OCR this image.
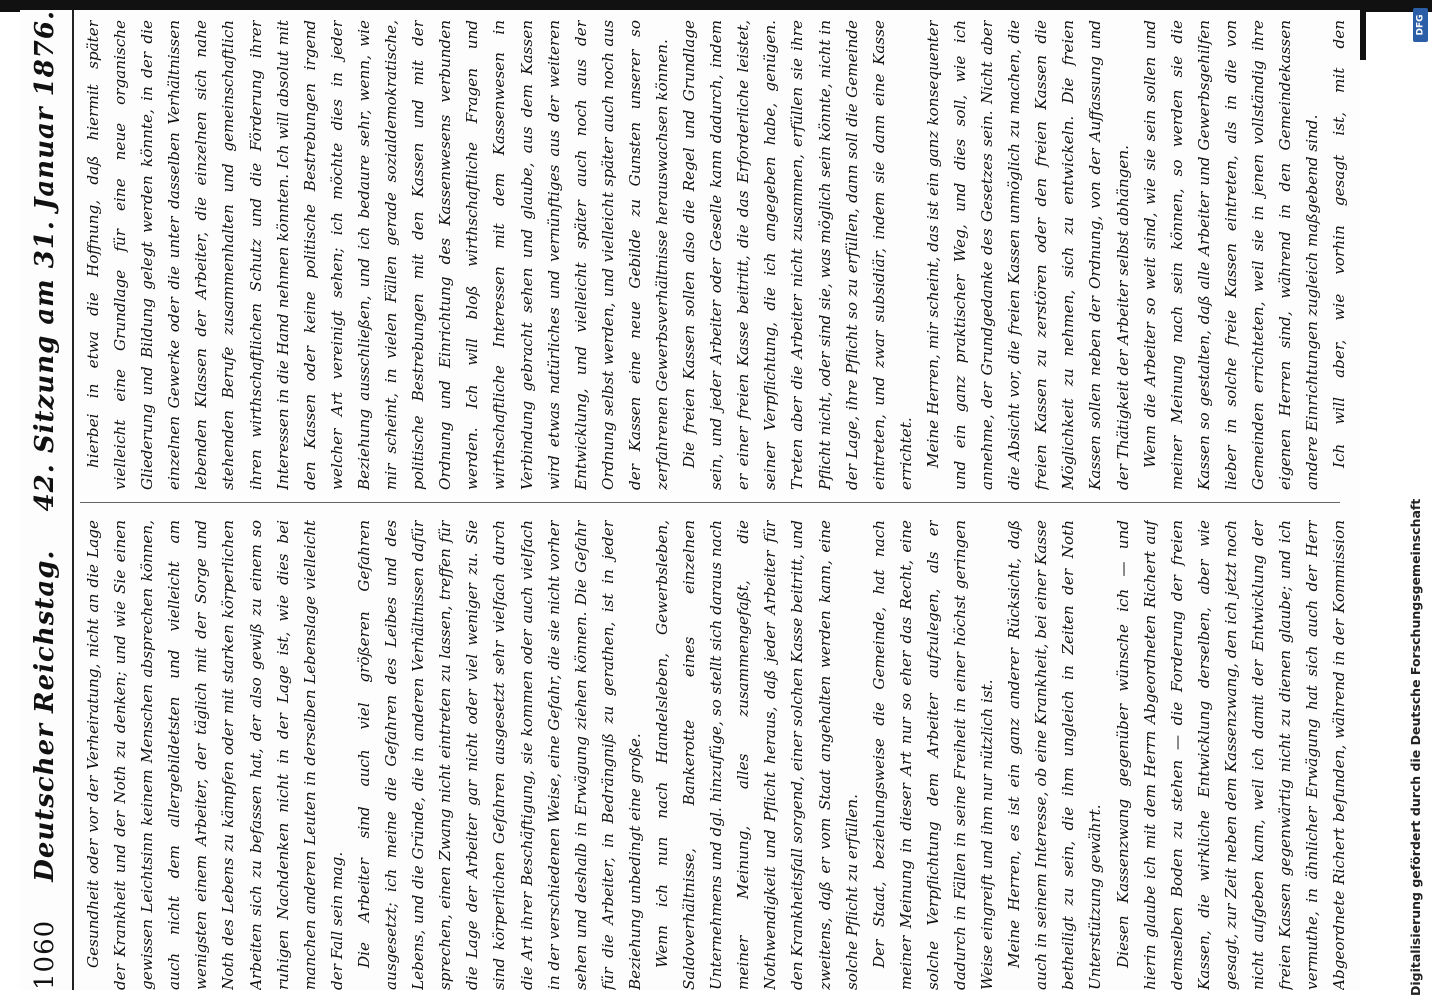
1060
Deutscher Reichstag.
42. Sitzung am 31. Januar 1876.

Gesundheit oder vor der Verheiratung, nicht an die Lage der Krankheit und der Noth zu denken; und wie Sie einen gewissen Leichtsinn keinem Menschen absprechen können, auch nicht dem allergebildetsten und vielleicht am wenigsten einem Arbeiter, der täglich mit der Sorge und Noth des Lebens zu kämpfen oder mit starken körperlichen Arbeiten sich zu befassen hat, der also gewiß zu einem so ruhigen Nachdenken nicht in der Lage ist, wie dies bei manchen anderen Leuten in derselben Lebenslage vielleicht der Fall sein mag. Die Arbeiter sind auch viel größeren Gefahren ausgesetzt; ich meine die Gefahren des Leibes und des Lebens, und die Gründe, die in anderen Verhältnissen dafür sprechen, einen Zwang nicht eintreten zu lassen, treffen für die Lage der Arbeiter gar nicht oder viel weniger zu. Sie sind körperlichen Gefahren ausgesetzt sehr vielfach durch die Art ihrer Beschäftigung, sie kommen oder auch vielfach in der verschiedenen Weise, eine Gefahr, die sie nicht vorher sehen und deshalb in Erwägung ziehen können. Die Gefahr für die Arbeiter, in Bedrängniß zu gerathen, ist in jeder Beziehung unbedingt eine große. Wenn ich nun nach Handelsleben, Gewerbsleben, Saldoverhältnisse, Bankerotte eines einzelnen Unternehmens und dgl. hinzufüge, so stellt sich daraus nach meiner Meinung, alles zusammengefaßt, die Nothwendigkeit und Pflicht heraus, daß jeder Arbeiter für den Krankheitsfall sorgend, einer solchen Kasse beitritt, und zweitens, daß er vom Staat angehalten werden kann, eine solche Pflicht zu erfüllen. Der Staat, beziehungsweise die Gemeinde, hat nach meiner Meinung in dieser Art nur so eher das Recht, eine solche Verpflichtung dem Arbeiter aufzulegen, als er dadurch in Fällen in seine Freiheit in einer höchst geringen Weise eingreift und ihm nur nützlich ist. Meine Herren, es ist ein ganz anderer Rücksicht, daß auch in seinem Interesse, ob eine Krankheit, bei einer Kasse betheiligt zu sein, die ihm ungleich in Zeiten der Noth Unterstützung gewährt. Diesen Kassenzwang gegenüber wünsche ich — und hierin glaube ich mit dem Herrn Abgeordneten Richert auf demselben Boden zu stehen — die Forderung der freien Kassen, die wirkliche Entwicklung derselben, aber wie gesagt, zur Zeit neben dem Kassenzwang, den ich jetzt noch nicht aufgeben kann, weil ich damit der Entwicklung der freien Kassen gegenwärtig nicht zu dienen glaube; und ich vermuthe, in ähnlicher Erwägung hat sich auch der Herr Abgeordnete Richert befunden, während in der Kommission

hierbei in etwa die Hoffnung, daß hiermit später vielleicht eine Grundlage für eine neue organische Gliederung und Bildung gelegt werden könnte, in der die einzelnen Gewerke oder die unter dasselben Verhältnissen lebenden Klassen der Arbeiter, die einzelnen sich nahe stehenden Berufe zusammenhalten und gemeinschaftlich ihren wirthschaftlichen Schutz und die Förderung ihrer Interessen in die Hand nehmen könnten. Ich will absolut mit den Kassen oder keine politische Bestrebungen irgend welcher Art vereinigt sehen; ich möchte dies in jeder Beziehung ausschließen, und ich bedaure sehr, wenn, wie mir scheint, in vielen Fällen gerade sozialdemokratische, politische Bestrebungen mit den Kassen und mit der Ordnung und Einrichtung des Kassenwesens verbunden werden. Ich will bloß wirthschaftliche Fragen und wirthschaftliche Interessen mit dem Kassenwesen in Verbindung gebracht sehen und glaube, aus dem Kassen wird etwas natürliches und vernünftiges aus der weiteren Entwicklung, und vielleicht später auch noch aus der Ordnung selbst werden, und vielleicht später auch noch aus der Kassen eine neue Gebilde zu Gunsten unserer so zerfahrenen Gewerbsverhältnisse herauswachsen können. Die freien Kassen sollen also die Regel und Grundlage sein, und jeder Arbeiter oder Geselle kann dadurch, indem er einer freien Kasse beitritt, die das Erforderliche leistet, seiner Verpflichtung, die ich angegeben habe, genügen. Treten aber die Arbeiter nicht zusammen, erfüllen sie ihre Pflicht nicht, oder sind sie, was möglich sein könnte, nicht in der Lage, ihre Pflicht so zu erfüllen, dann soll die Gemeinde eintreten, und zwar subsidiär, indem sie dann eine Kasse errichtet. Meine Herren, mir scheint, das ist ein ganz konsequenter und ein ganz praktischer Weg, und dies soll, wie ich annehme, der Grundgedanke des Gesetzes sein. Nicht aber die Absicht vor, die freien Kassen unmöglich zu machen, die freien Kassen zu zerstören oder den freien Kassen die Möglichkeit zu nehmen, sich zu entwickeln. Die freien Kassen sollen neben der Ordnung, von der Auffassung und der Thätigkeit der Arbeiter selbst abhängen. Wenn die Arbeiter so weit sind, wie sie sein sollen und meiner Meinung nach sein können, so werden sie die Kassen so gestalten, daß alle Arbeiter und Gewerbsgehilfen lieber in solche freie Kassen eintreten, als in die von Gemeinden errichteten, weil sie in jenen vollständig ihre eigenen Herren sind, während in den Gemeindekassen andere Einrichtungen zugleich maßgebend sind. Ich will aber, wie vorhin gesagt ist, mit den	DFG
Digitalisierung gefördert durch die Deutsche Forschungsgemeinschaft
